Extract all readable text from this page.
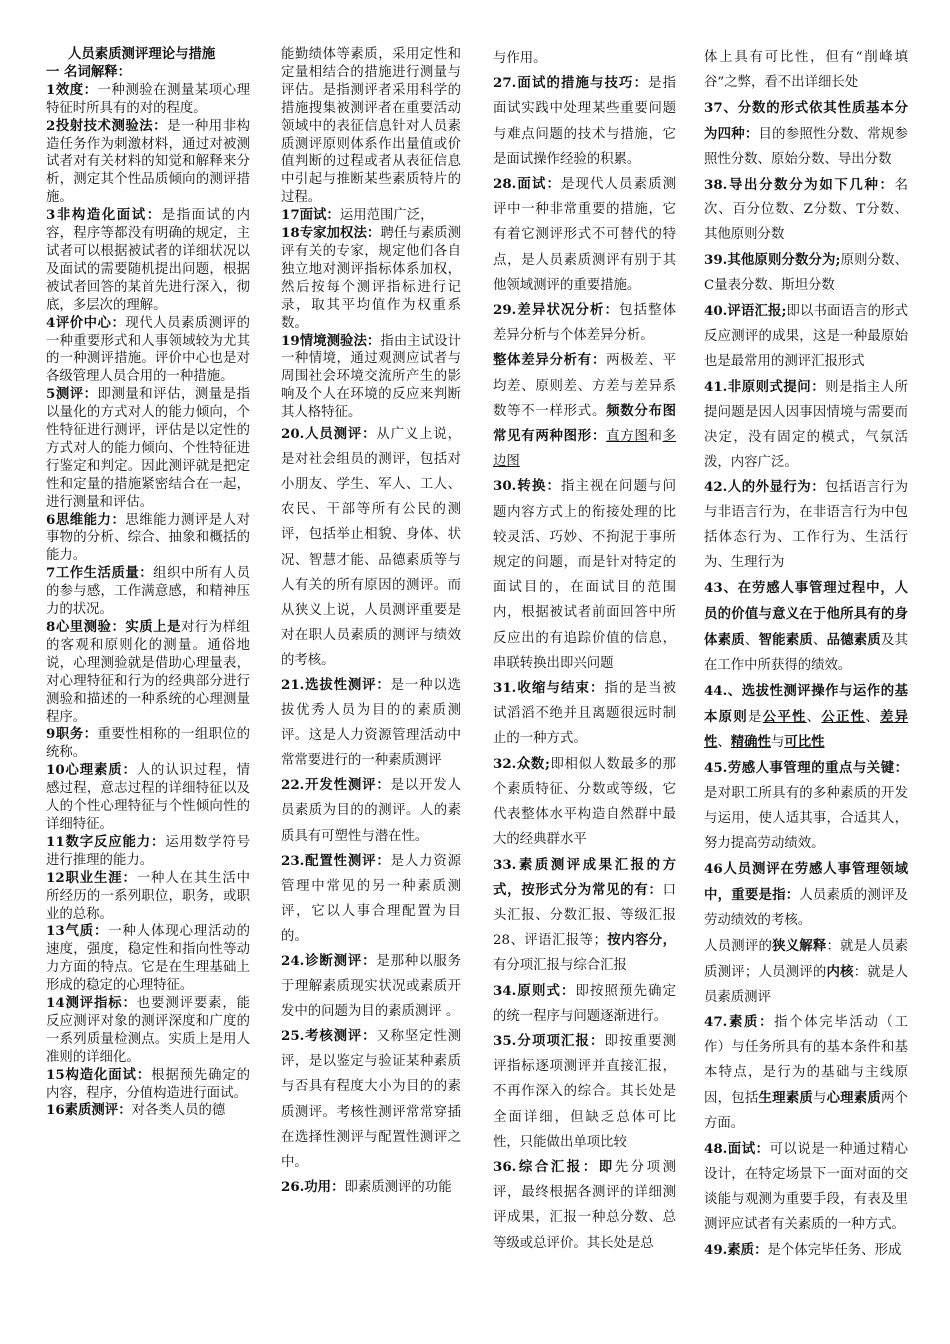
人员素质测评理论与措施
一 名词解释：
1效度：一种测验在测量某项心理特征时所具有的对的程度。
2投射技术测验法：是一种用非构造任务作为刺激材料，通过对被测试者对有关材料的知觉和解释来分析，测定其个性品质倾向的测评措施。
3非构造化面试：是指面试的内容，程序等都没有明确的规定，主试者可以根据被试者的详细状况以及面试的需要随机提出问题，根据被试者回答的某首先进行深入，彻底，多层次的理解。
4评价中心：现代人员素质测评的一种重要形式和人事领域较为尤其的一种测评措施。评价中心也是对各级管理人员合用的一种措施。
5测评：即测量和评估，测量是指以量化的方式对人的能力倾向，个性特征进行测评，评估是以定性的方式对人的能力倾向、个性特征进行鉴定和判定。因此测评就是把定性和定量的措施紧密结合在一起，进行测量和评估。
6思维能力：思维能力测评是人对事物的分析、综合、抽象和概括的能力。
7工作生活质量：组织中所有人员的参与感，工作满意感，和精神压力的状况。
8心里测验：实质上是对行为样组的客观和原则化的测量。通俗地说，心理测验就是借助心理量表，对心理特征和行为的经典部分进行测验和描述的一种系统的心理测量程序。
9职务：重要性相称的一组职位的统称。
10心理素质：人的认识过程，情感过程，意志过程的详细特征以及人的个性心理特征与个性倾向性的详细特征。
11数字反应能力：运用数学符号进行推理的能力。
12职业生涯：一种人在其生活中所经历的一系列职位，职务，或职业的总称。
13气质：一种人体现心理活动的速度，强度，稳定性和指向性等动力方面的特点。它是在生理基础上形成的稳定的心理特征。
14测评指标：也要测评要素，能反应测评对象的测评深度和广度的一系列质量检测点。实质上是用人准则的详细化。
15构造化面试：根据预先确定的内容，程序，分值构造进行面试。
16素质测评：对各类人员的德
能勤绩体等素质，采用定性和定量相结合的措施进行测量与评估。是指测评者采用科学的措施搜集被测评者在重要活动领域中的表征信息针对人员素质测评原则体系作出量值或价值判断的过程或者从表征信息中引起与推断某些素质特片的过程。
17面试：运用范围广泛，
18专家加权法：聘任与素质测评有关的专家，规定他们各自独立地对测评指标体系加权，然后按每个测评指标进行记录，取其平均值作为权重系数。
19情境测验法：指由主试设计一种情境，通过观测应试者与周围社会环境交流所产生的影响及个人在环境的反应来判断其人格特征。
20.人员测评：从广义上说，是对社会组员的测评，包括对小朋友、学生、军人、工人、农民、干部等所有公民的测评，包括举止相貌、身体、状况、智慧才能、品德素质等与人有关的所有原因的测评。而从狭义上说，人员测评重要是对在职人员素质的测评与绩效的考核。
21.选拔性测评：是一种以选拔优秀人员为目的的素质测评。这是人力资源管理活动中常常要进行的一种素质测评
22.开发性测评：是以开发人员素质为目的的测评。人的素质具有可塑性与潜在性。
23.配置性测评：是人力资源管理中常见的另一种素质测评，它以人事合理配置为目的。
24.诊断测评：是那种以服务于理解素质现实状况或素质开发中的问题为目的素质测评 。
25.考核测评：又称坚定性测评，是以鉴定与验证某种素质与否具有程度大小为目的的素质测评。考核性测评常常穿插在选择性测评与配置性测评之中。
26.功用：即素质测评的功能
与作用。
27.面试的措施与技巧：是指面试实践中处理某些重要问题与难点问题的技术与措施，它是面试操作经验的积累。
28.面试：是现代人员素质测评中一种非常重要的措施，它有着它测评形式不可替代的特点，是人员素质测评有别于其他领域测评的重要措施。
29.差异状况分析：包括整体差异分析与个体差异分析。
整体差异分析有：两极差、平均差、原则差、方差与差异系数等不一样形式。频数分布图常见有两种图形：直方图和多边图
30.转换：指主视在问题与问题内容方式上的衔接处理的比较灵活、巧妙、不拘泥于事所规定的问题，而是针对特定的面试目的，在面试目的范围内，根据被试者前面回答中所反应出的有追踪价值的信息，串联转换出即兴问题
31.收缩与结束：指的是当被试滔滔不绝并且离题很远时制止的一种方式。
32.众数;即相似人数最多的那个素质特征、分数或等级，它代表整体水平构造自然群中最大的经典群水平
33.素质测评成果汇报的方式，按形式分为常见的有：口头汇报、分数汇报、等级汇报28、评语汇报等；按内容分，有分项汇报与综合汇报
34.原则式：即按照预先确定的统一程序与问题逐渐进行。
35.分项项汇报：即按重要测评指标逐项测评并直接汇报，不再作深入的综合。其长处是全面详细，但缺乏总体可比性，只能做出单项比较
36.综合汇报：即先分项测评，最终根据各测评的详细测评成果，汇报一种总分数、总等级或总评价。其长处是总
体上具有可比性，但有“削峰填谷”之弊，看不出详细长处
37、分数的形式依其性质基本分为四种：目的参照性分数、常规参照性分数、原始分数、导出分数
38.导出分数分为如下几种：名次、百分位数、Z分数、T分数、其他原则分数
39.其他原则分数分为;原则分数、C量表分数、斯坦分数
40.评语汇报;即以书面语言的形式反应测评的成果，这是一种最原始也是最常用的测评汇报形式
41.非原则式提问：则是指主人所提问题是因人因事因情境与需要而决定，没有固定的模式，气氛活泼，内容广泛。
42.人的外显行为：包括语言行为与非语言行为，在非语言行为中包括体态行为、工作行为、生活行为、生理行为
43、在劳感人事管理过程中，人员的价值与意义在于他所具有的身体素质、智能素质、品德素质及其在工作中所获得的绩效。
44.、选拔性测评操作与运作的基本原则是公平性、公正性、差异性、精确性与可比性
45.劳感人事管理的重点与关键：是对职工所具有的多种素质的开发与运用，使人适其事，合适其人，努力提高劳动绩效。
46人员测评在劳感人事管理领域中，重要是指：人员素质的测评及劳动绩效的考核。
人员测评的狭义解释：就是人员素质测评；人员测评的内核：就是人员素质测评
47.素质：指个体完毕活动（工作）与任务所具有的基本条件和基本特点，是行为的基础与主线原因，包括生理素质与心理素质两个方面。
48.面试：可以说是一种通过精心设计，在特定场景下一面对面的交谈能与观测为重要手段，有表及里测评应试者有关素质的一种方式。
49.素质：是个体完毕任务、形成
